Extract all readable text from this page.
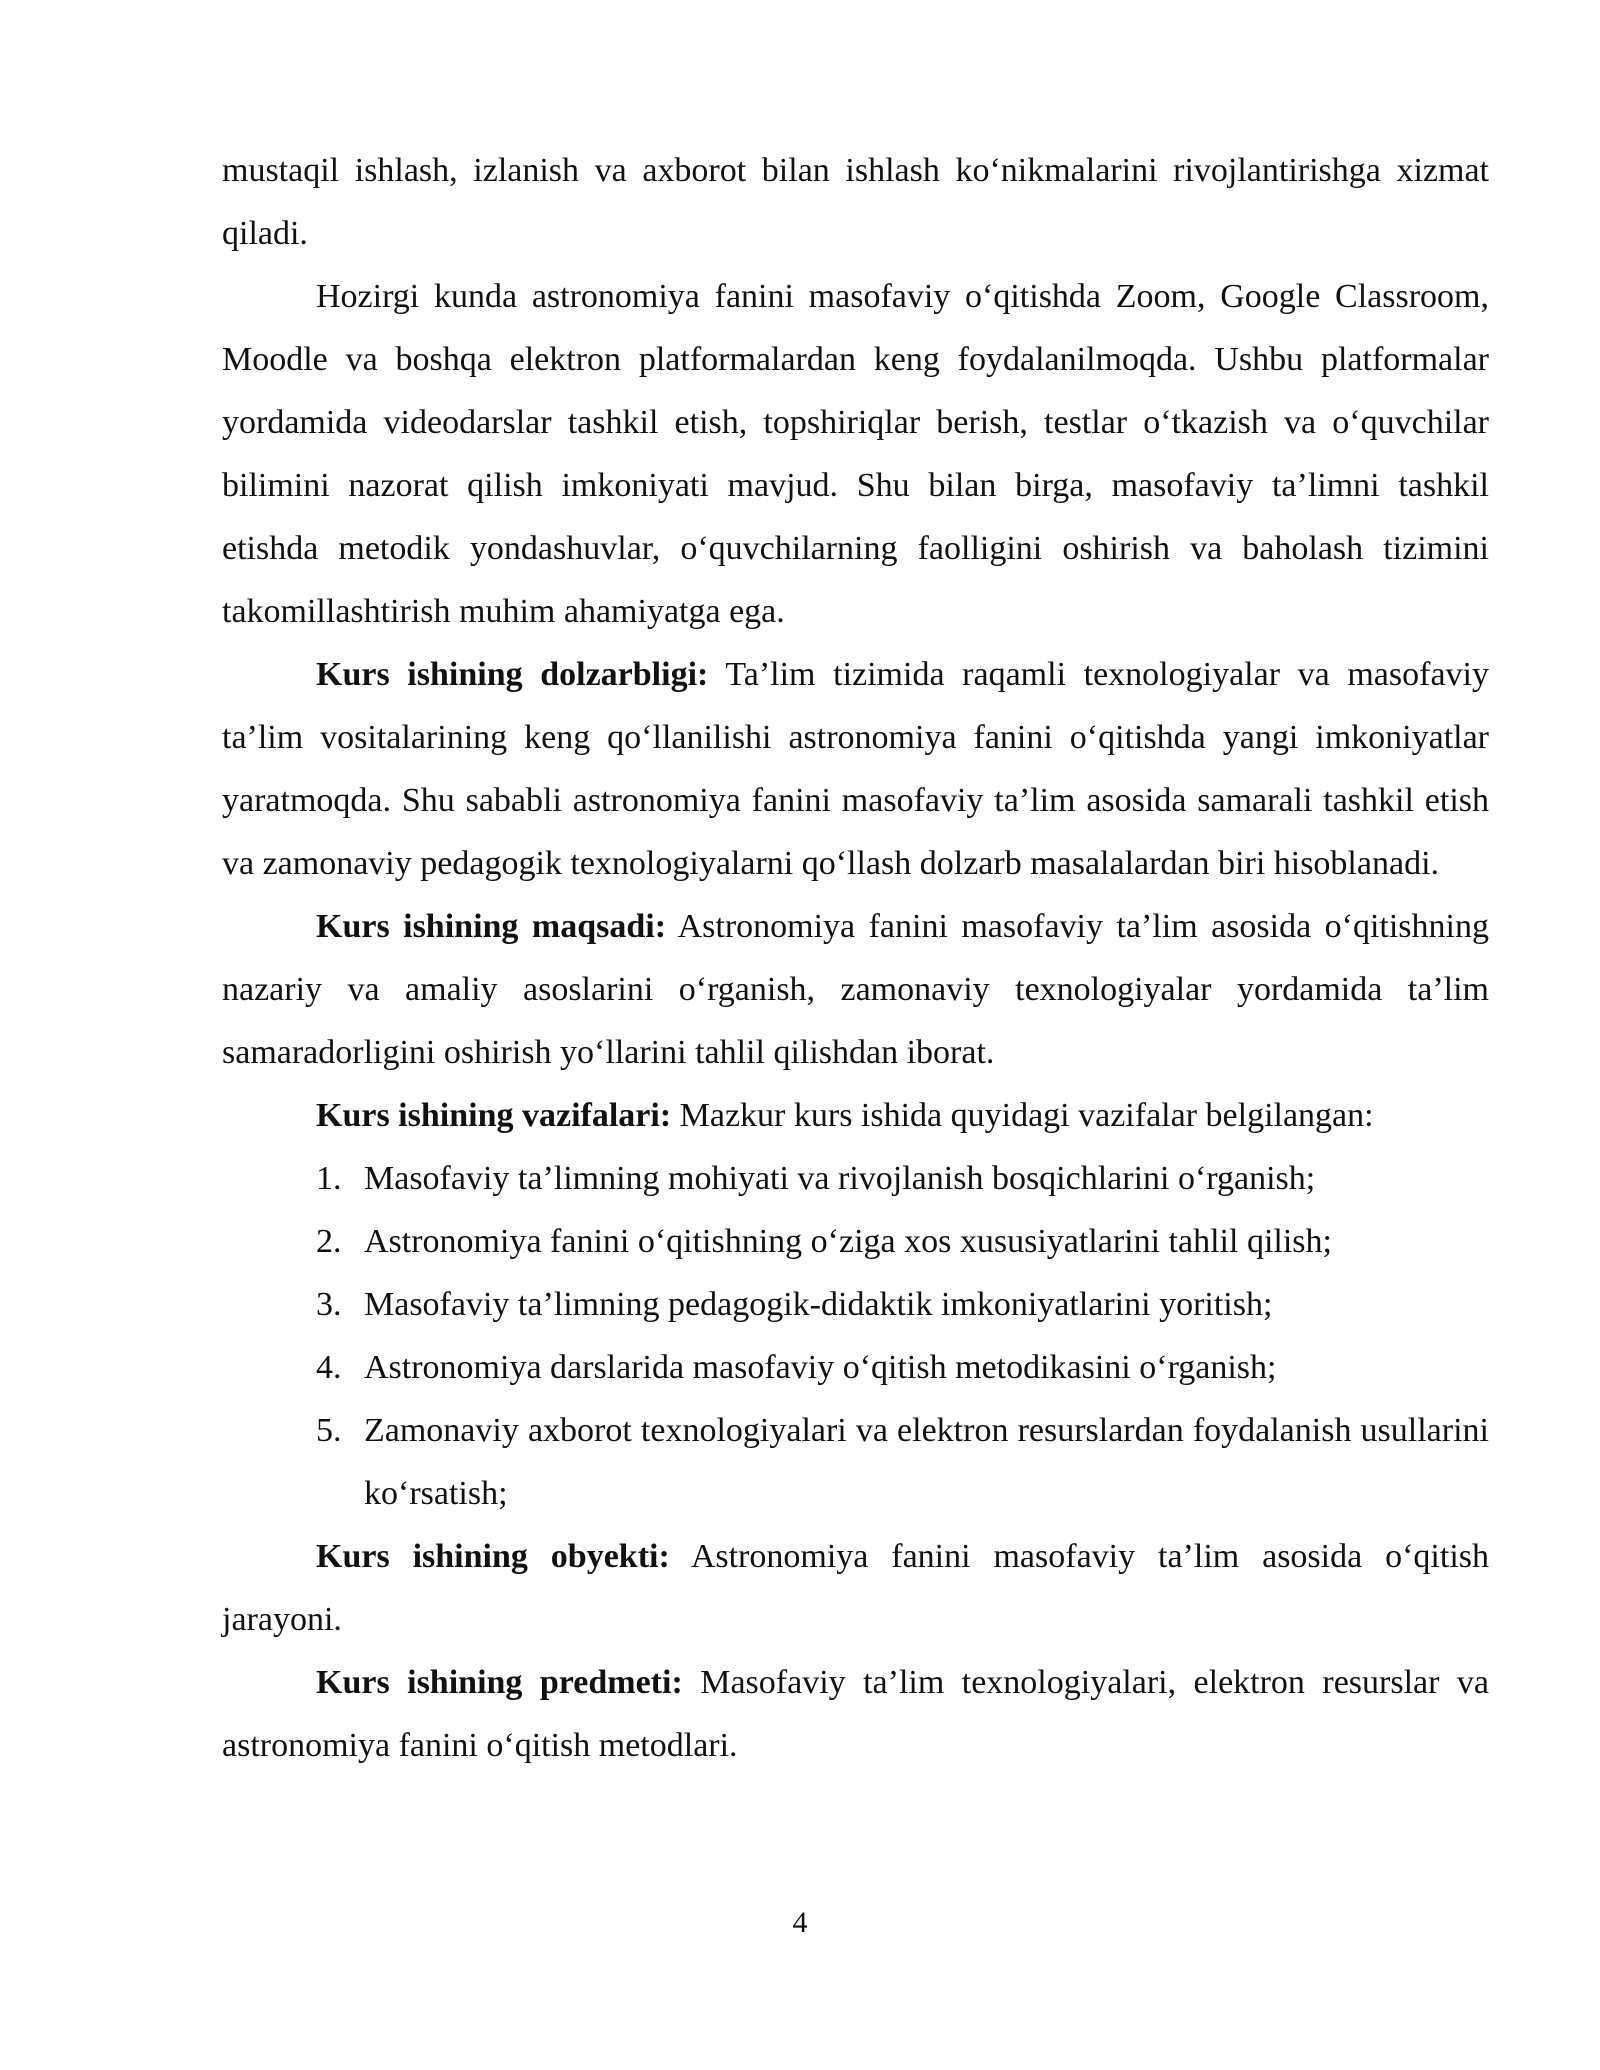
mustaqil ishlash, izlanish va axborot bilan ishlash ko‘nikmalarini rivojlantirishga xizmat qiladi.

Hozirgi kunda astronomiya fanini masofaviy o‘qitishda Zoom, Google Classroom, Moodle va boshqa elektron platformalardan keng foydalanilmoqda. Ushbu platformalar yordamida videodarslar tashkil etish, topshiriqlar berish, testlar o‘tkazish va o‘quvchilar bilimini nazorat qilish imkoniyati mavjud. Shu bilan birga, masofaviy ta’limni tashkil etishda metodik yondashuvlar, o‘quvchilarning faolligini oshirish va baholash tizimini takomillashtirish muhim ahamiyatga ega.

Kurs ishining dolzarbligi: Ta’lim tizimida raqamli texnologiyalar va masofaviy ta’lim vositalarining keng qo‘llanilishi astronomiya fanini o‘qitishda yangi imkoniyatlar yaratmoqda. Shu sababli astronomiya fanini masofaviy ta’lim asosida samarali tashkil etish va zamonaviy pedagogik texnologiyalarni qo‘llash dolzarb masalalardan biri hisoblanadi.

Kurs ishining maqsadi: Astronomiya fanini masofaviy ta’lim asosida o‘qitishning nazariy va amaliy asoslarini o‘rganish, zamonaviy texnologiyalar yordamida ta’lim samaradorligini oshirish yo‘llarini tahlil qilishdan iborat.

Kurs ishining vazifalari: Mazkur kurs ishida quyidagi vazifalar belgilangan:

1. Masofaviy ta’limning mohiyati va rivojlanish bosqichlarini o‘rganish;
2. Astronomiya fanini o‘qitishning o‘ziga xos xususiyatlarini tahlil qilish;
3. Masofaviy ta’limning pedagogik-didaktik imkoniyatlarini yoritish;
4. Astronomiya darslarida masofaviy o‘qitish metodikasini o‘rganish;
5. Zamonaviy axborot texnologiyalari va elektron resurslardan foydalanish usullarini ko‘rsatish;

Kurs ishining obyekti: Astronomiya fanini masofaviy ta’lim asosida o‘qitish jarayoni.

Kurs ishining predmeti: Masofaviy ta’lim texnologiyalari, elektron resurslar va astronomiya fanini o‘qitish metodlari.

4
